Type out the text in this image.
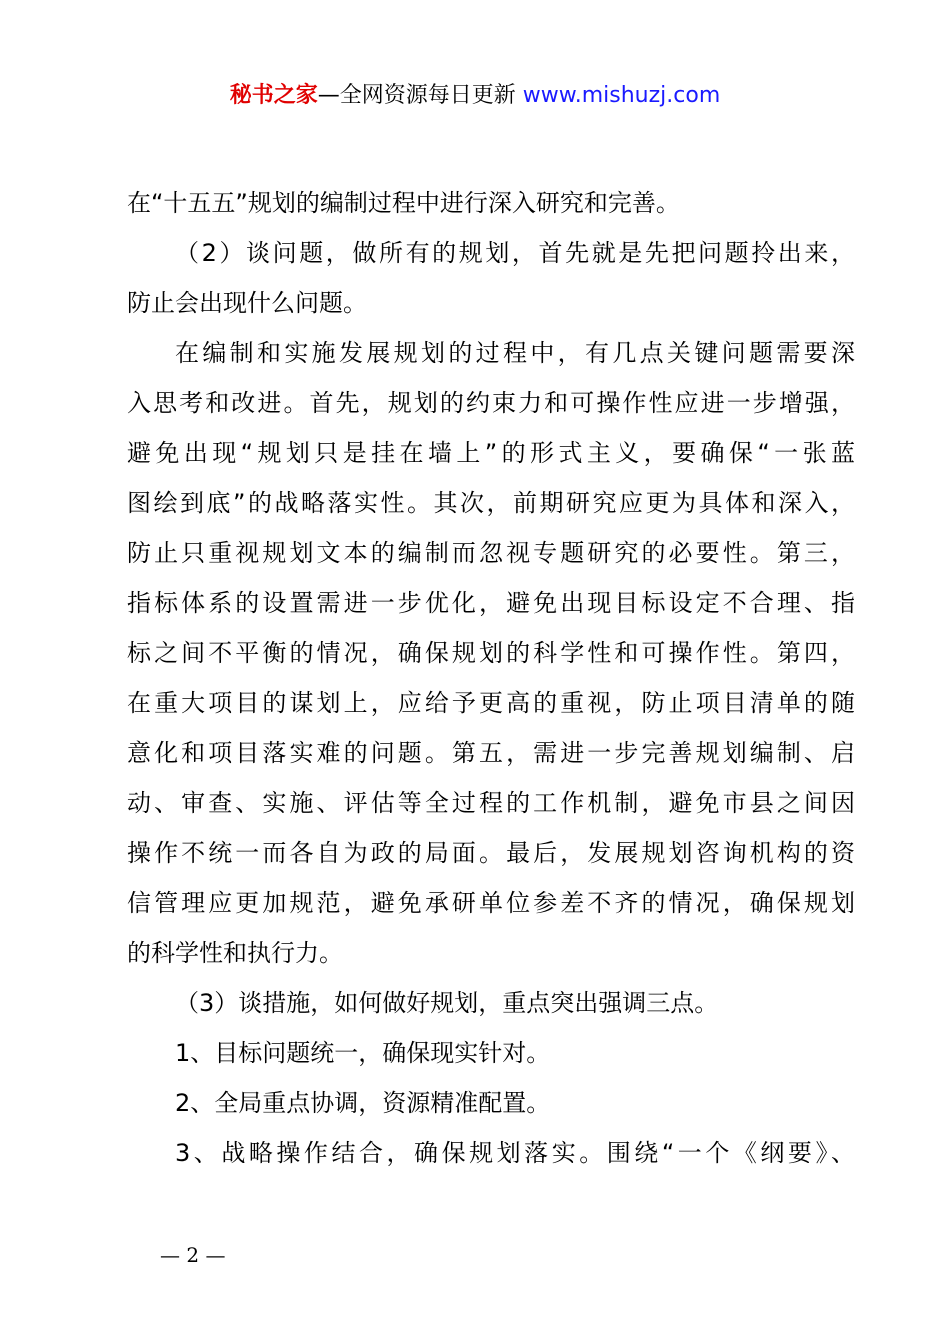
秘书之家—全网资源每日更新 www.mishuzj.com
在“十五五”规划的编制过程中进行深入研究和完善。
（2）谈问题，做所有的规划，首先就是先把问题拎出来，
防止会出现什么问题。
在编制和实施发展规划的过程中，有几点关键问题需要深
入思考和改进。首先，规划的约束力和可操作性应进一步增强，
避免出现“规划只是挂在墙上”的形式主义，要确保“一张蓝
图绘到底”的战略落实性。其次，前期研究应更为具体和深入，
防止只重视规划文本的编制而忽视专题研究的必要性。第三，
指标体系的设置需进一步优化，避免出现目标设定不合理、指
标之间不平衡的情况，确保规划的科学性和可操作性。第四，
在重大项目的谋划上，应给予更高的重视，防止项目清单的随
意化和项目落实难的问题。第五，需进一步完善规划编制、启
动、审查、实施、评估等全过程的工作机制，避免市县之间因
操作不统一而各自为政的局面。最后，发展规划咨询机构的资
信管理应更加规范，避免承研单位参差不齐的情况，确保规划
的科学性和执行力。
（3）谈措施，如何做好规划，重点突出强调三点。
1、目标问题统一，确保现实针对。
2、全局重点协调，资源精准配置。
3、战略操作结合，确保规划落实。围绕“一个《纲要》、
— 2 —
